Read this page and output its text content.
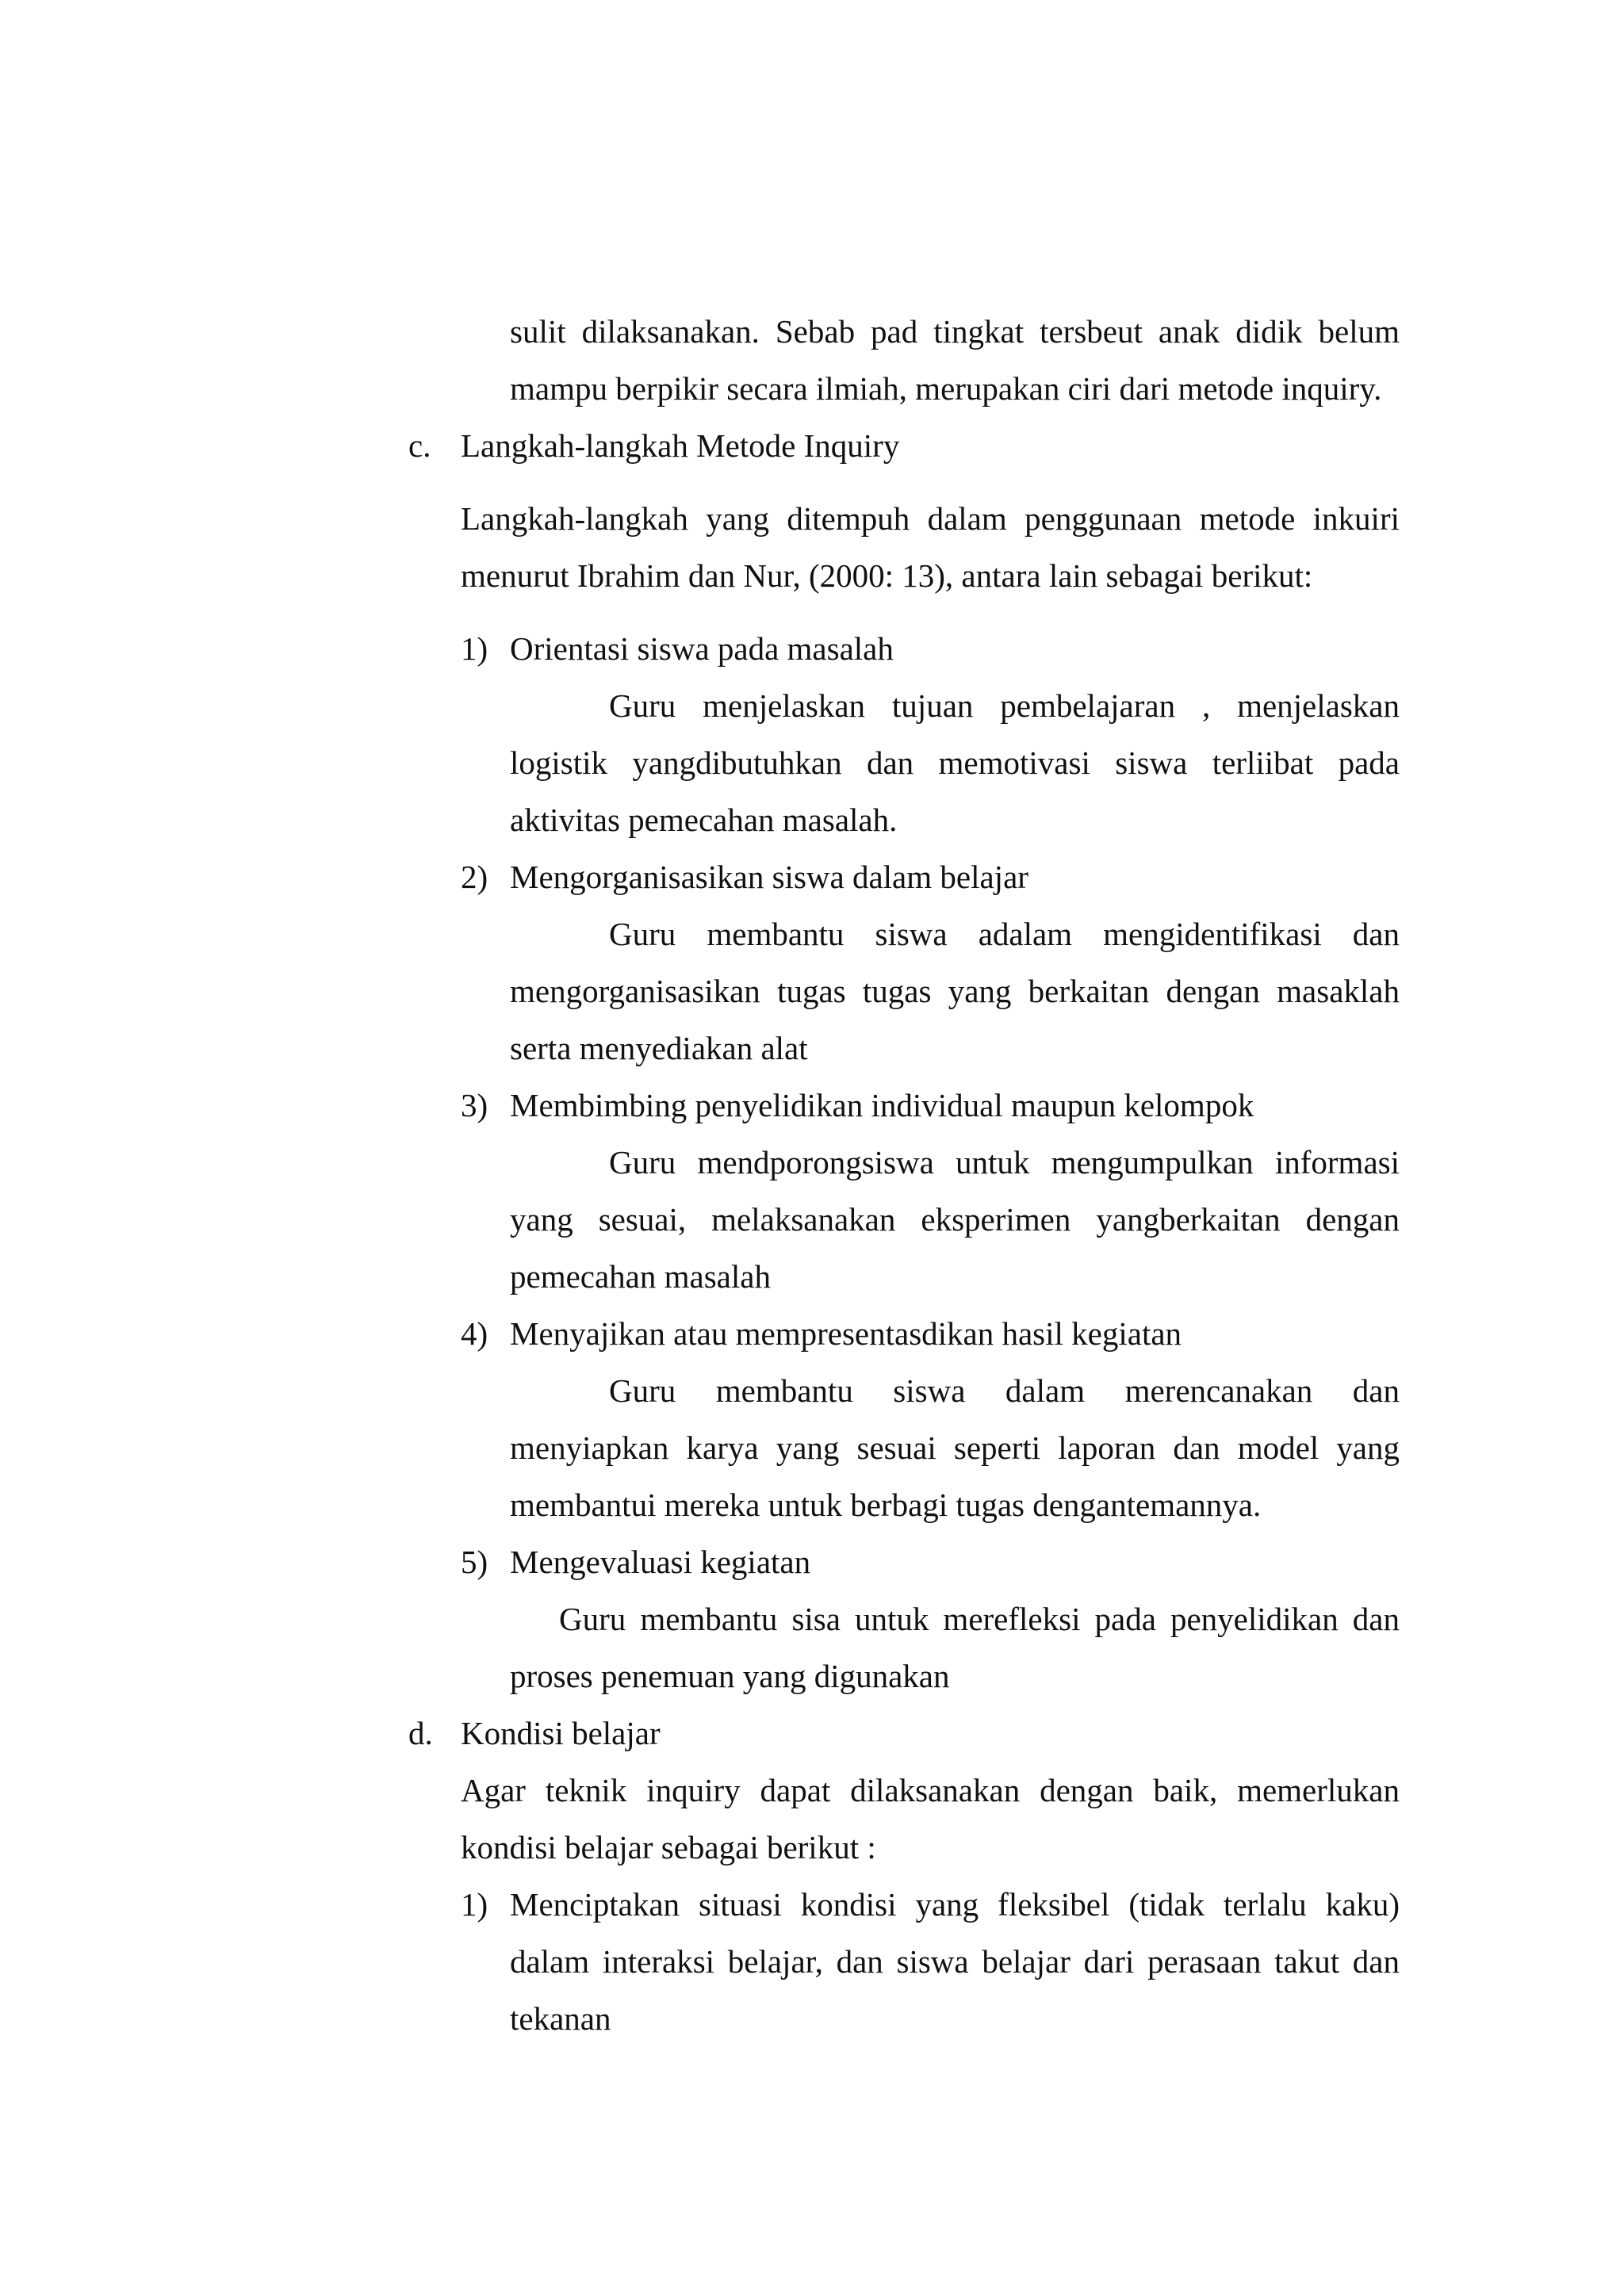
sulit dilaksanakan. Sebab pad tingkat tersbeut anak didik belum
mampu berpikir secara ilmiah, merupakan ciri dari metode inquiry.
c. Langkah-langkah Metode Inquiry
Langkah-langkah yang ditempuh dalam penggunaan metode inkuiri
menurut Ibrahim dan Nur, (2000: 13), antara lain sebagai berikut:
1) Orientasi siswa pada masalah
Guru menjelaskan tujuan pembelajaran , menjelaskan
logistik yangdibutuhkan dan memotivasi siswa terliibat pada
aktivitas pemecahan masalah.
2) Mengorganisasikan siswa dalam belajar
Guru membantu siswa adalam mengidentifikasi dan
mengorganisasikan tugas tugas yang berkaitan dengan masaklah
serta menyediakan alat
3) Membimbing penyelidikan individual maupun kelompok
Guru mendporongsiswa untuk mengumpulkan informasi
yang sesuai, melaksanakan eksperimen yangberkaitan dengan
pemecahan masalah
4) Menyajikan atau mempresentasdikan hasil kegiatan
Guru membantu siswa dalam merencanakan dan
menyiapkan karya yang sesuai seperti laporan dan model yang
membantui mereka untuk berbagi tugas dengantemannya.
5) Mengevaluasi kegiatan
Guru membantu sisa untuk merefleksi pada penyelidikan dan
proses penemuan yang digunakan
d. Kondisi belajar
Agar teknik inquiry dapat dilaksanakan dengan baik, memerlukan
kondisi belajar sebagai berikut :
1) Menciptakan situasi kondisi yang fleksibel (tidak terlalu kaku)
dalam interaksi belajar, dan siswa belajar dari perasaan takut dan
tekanan
